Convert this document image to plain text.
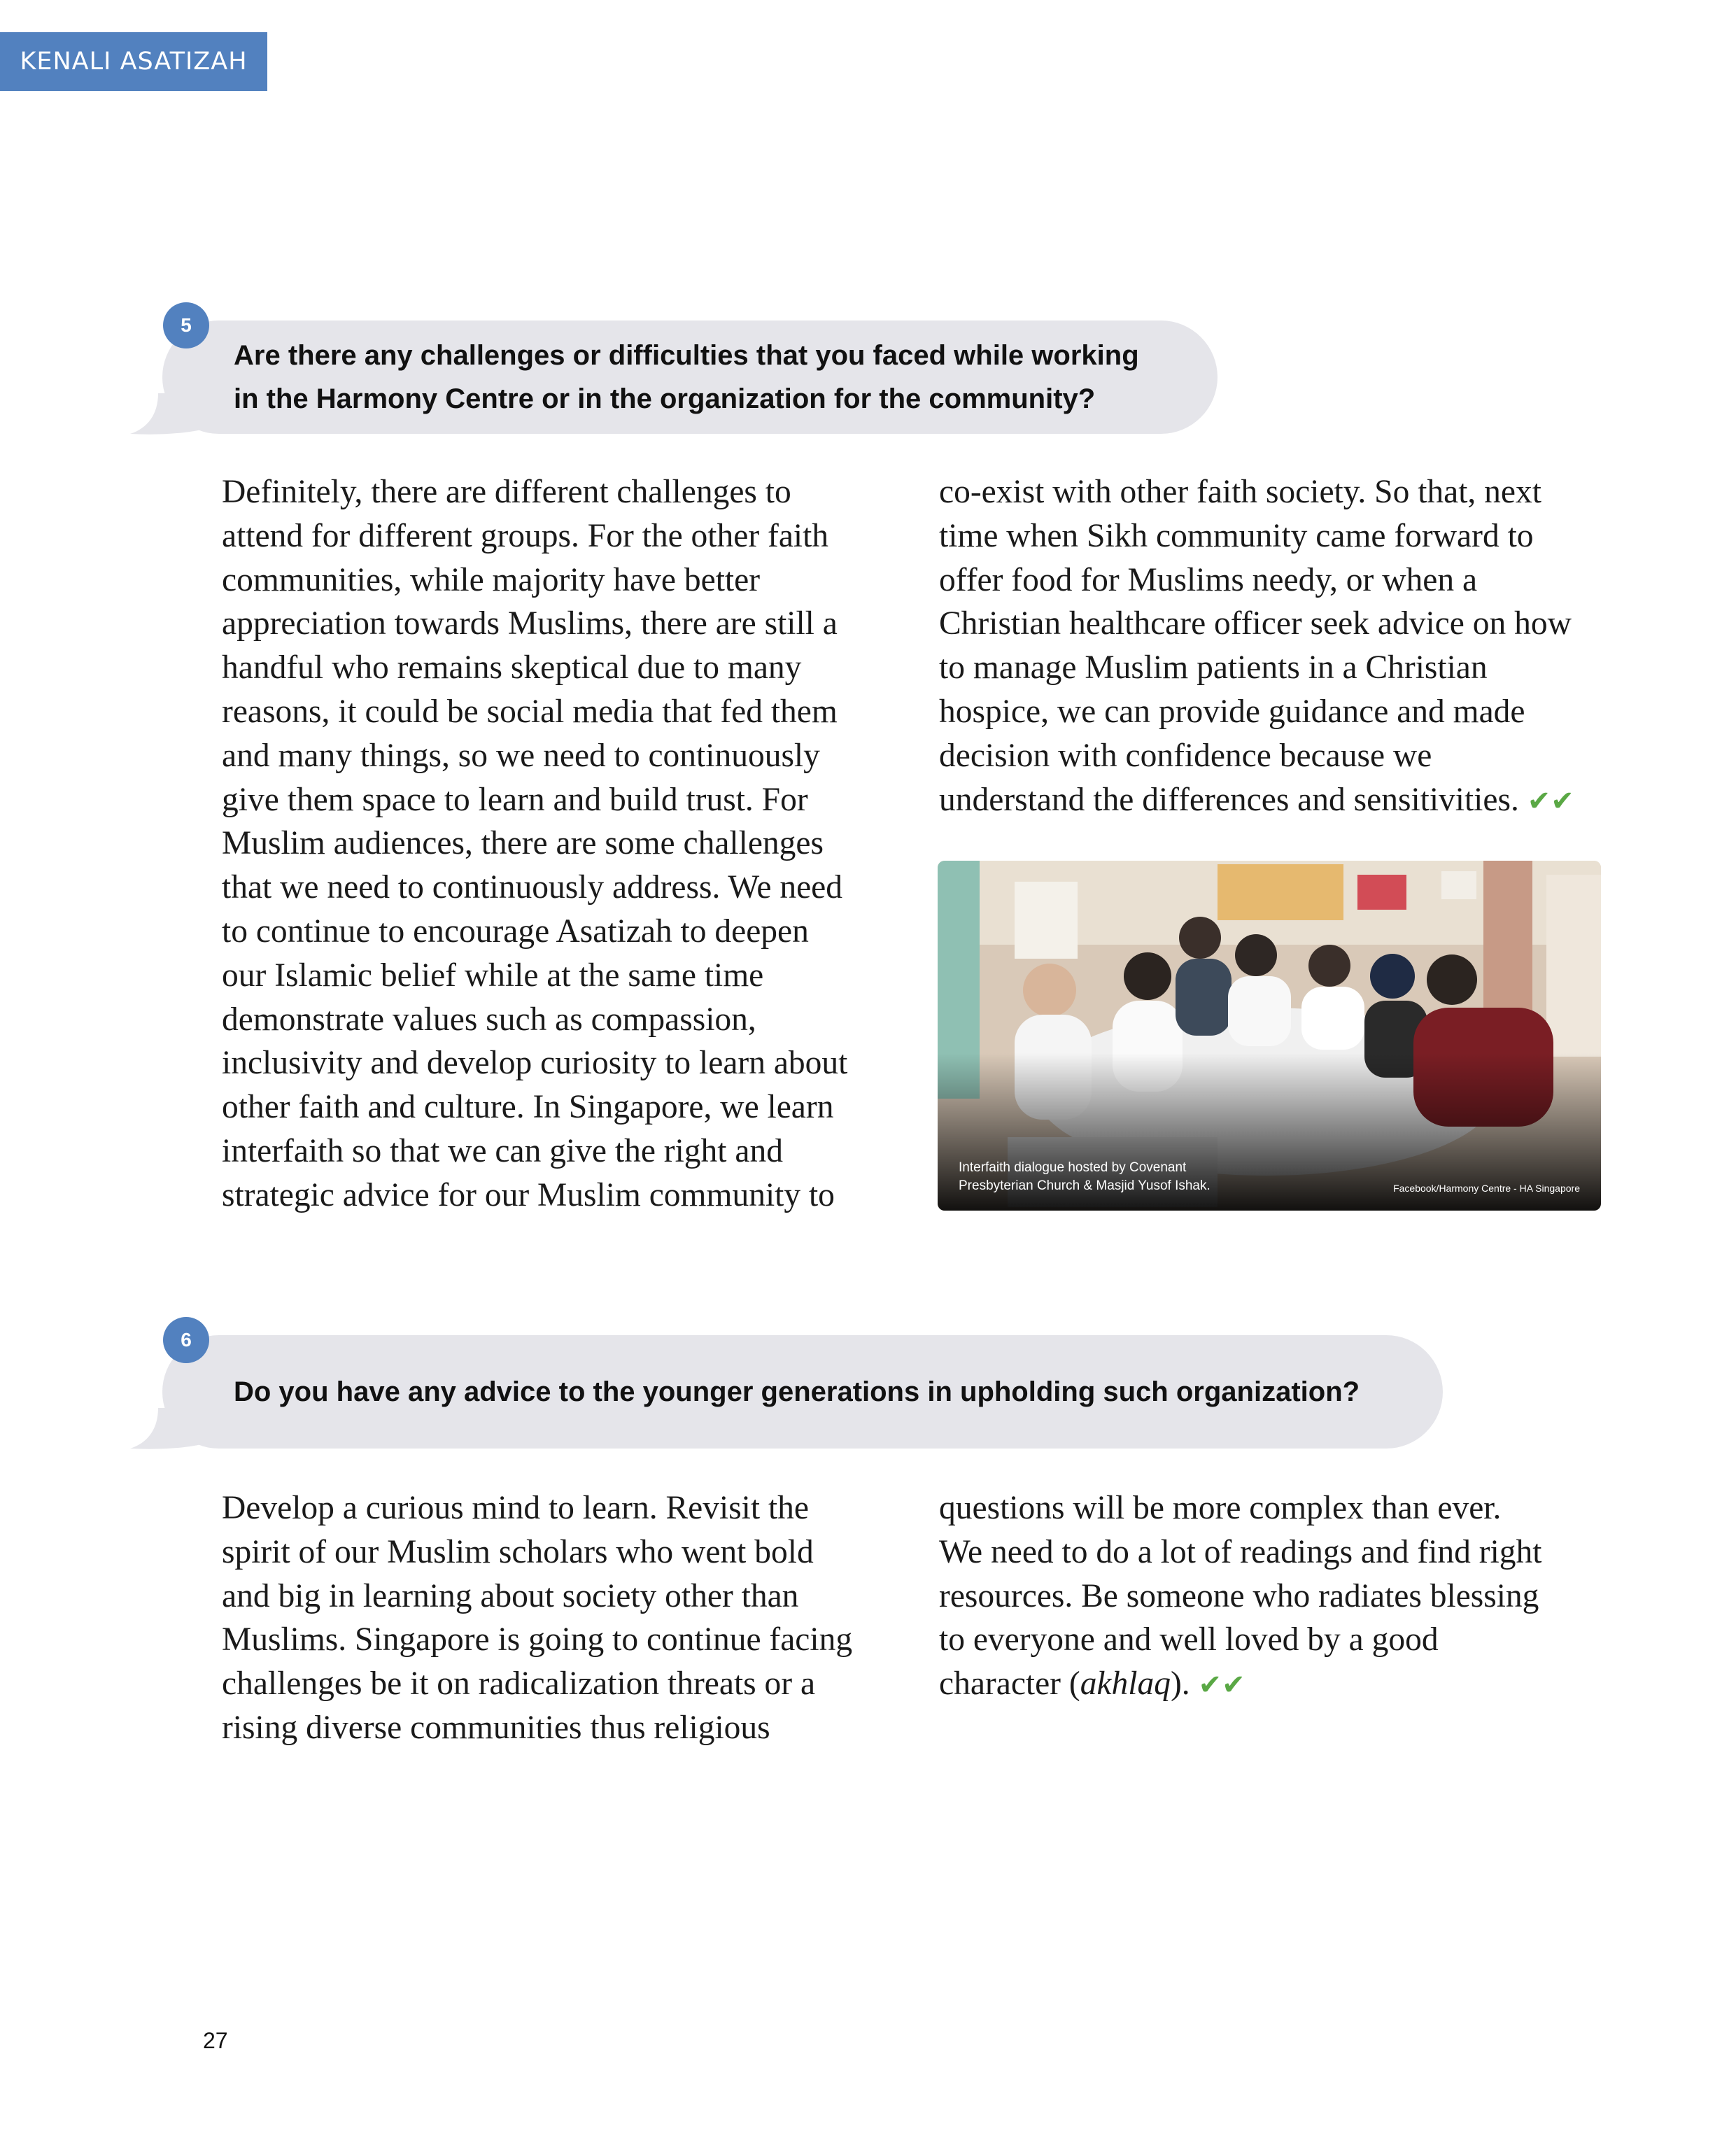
KENALI ASATIZAH
Are there any challenges or difficulties that you faced while working
in the Harmony Centre or in the organization for the community?
5

Definitely, there are different challenges to

attend for different groups. For the other faith

communities, while majority have better

appreciation towards Muslims, there are still a

handful who remains skeptical due to many

reasons, it could be social media that fed them

and many things, so we need to continuously

give them space to learn and build trust. For

Muslim audiences, there are some challenges

that we need to continuously address. We need

to continue to encourage Asatizah to deepen

our Islamic belief while at the same time

demonstrate values such as compassion,

inclusivity and develop curiosity to learn about

other faith and culture. In Singapore, we learn

interfaith so that we can give the right and

strategic advice for our Muslim community to

co-exist with other faith society. So that, next

time when Sikh community came forward to

offer food for Muslims needy, or when a

Christian healthcare officer seek advice on how

to manage Muslim patients in a Christian

hospice, we can provide guidance and made

decision with confidence because we

understand the differences and sensitivities. ✔✔

Interfaith dialogue hosted by Covenant
Presbyterian Church & Masjid Yusof Ishak.	Facebook/Harmony Centre - HA Singapore
Do you have any advice to the younger generations in upholding such organization?
6

Develop a curious mind to learn. Revisit the

spirit of our Muslim scholars who went bold

and big in learning about society other than

Muslims. Singapore is going to continue facing

challenges be it on radicalization threats or a

rising diverse communities thus religious

questions will be more complex than ever.

We need to do a lot of readings and find right

resources. Be someone who radiates blessing

to everyone and well loved by a good

character (akhlaq). ✔✔

27
